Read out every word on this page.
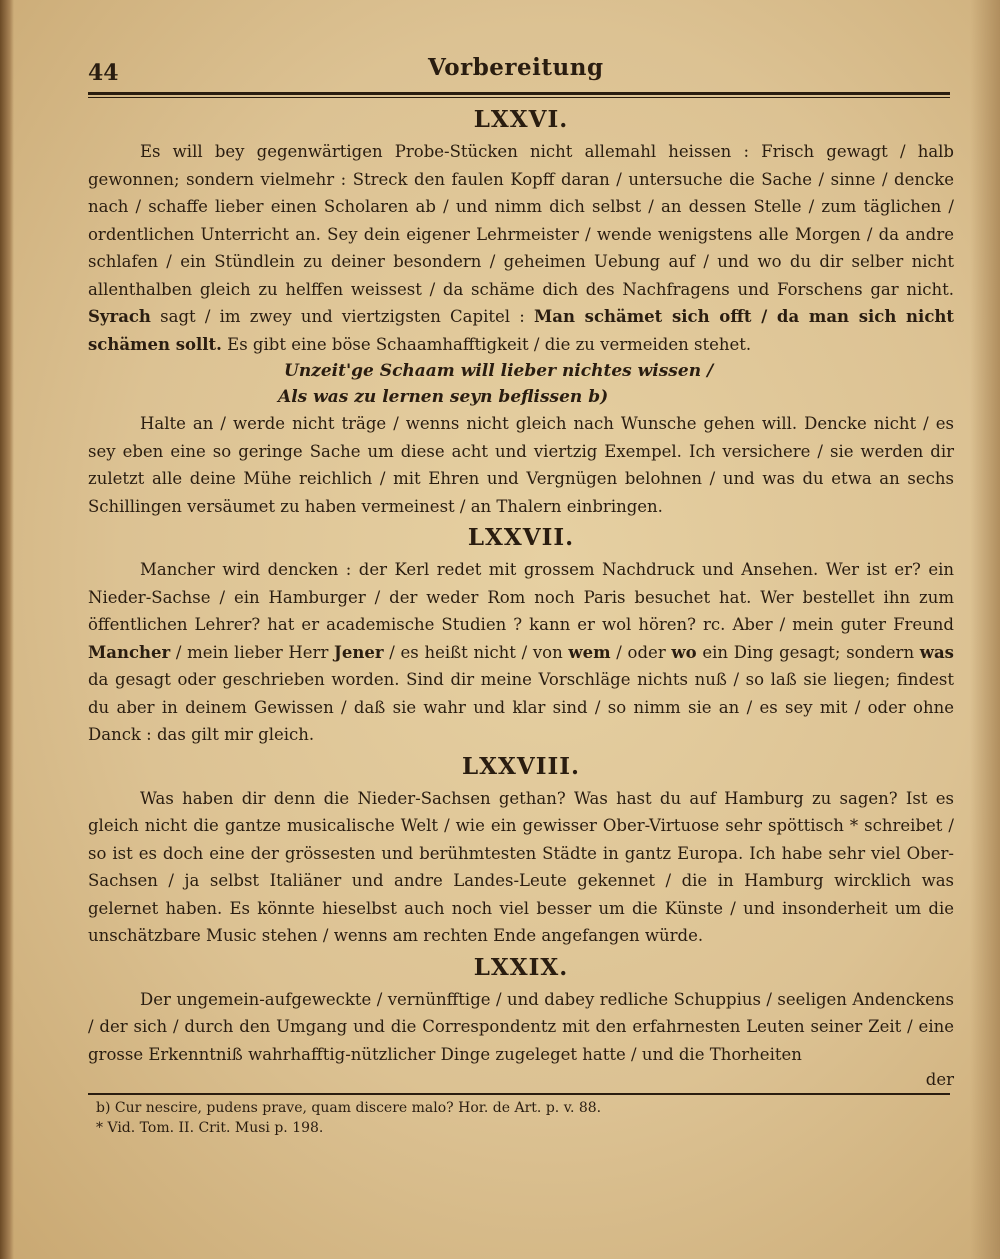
44	Vorbereitung
LXXVI.

Es will bey gegenwärtigen Probe-Stücken nicht allemahl heissen : Frisch gewagt / halb gewonnen; sondern vielmehr : Streck den faulen Kopff daran / untersuche die Sache / sinne / dencke nach / schaffe lieber einen Scholaren ab / und nimm dich selbst / an dessen Stelle / zum täglichen / ordentlichen Unterricht an. Sey dein eigener Lehrmeister / wende wenigstens alle Morgen / da andre schlafen / ein Stündlein zu deiner besondern / geheimen Uebung auf / und wo du dir selber nicht allenthalben gleich zu helffen weissest / da schäme dich des Nachfragens und Forschens gar nicht. Syrach sagt / im zwey und viertzigsten Capitel : Man schämet sich offt / da man sich nicht schämen sollt. Es gibt eine böse Schaamhafftigkeit / die zu vermeiden stehet.

Unzeit'ge Schaam will lieber nichtes wissen /
Als was zu lernen seyn beflissen b)

Halte an / werde nicht träge / wenns nicht gleich nach Wunsche gehen will. Dencke nicht / es sey eben eine so geringe Sache um diese acht und viertzig Exempel. Ich versichere / sie werden dir zuletzt alle deine Mühe reichlich / mit Ehren und Vergnügen belohnen / und was du etwa an sechs Schillingen versäumet zu haben vermeinest / an Thalern einbringen.

LXXVII.

Mancher wird dencken : der Kerl redet mit grossem Nachdruck und Ansehen. Wer ist er? ein Nieder-Sachse / ein Hamburger / der weder Rom noch Paris besuchet hat. Wer bestellet ihn zum öffentlichen Lehrer? hat er academische Studien ? kann er wol hören? rc. Aber / mein guter Freund Mancher / mein lieber Herr Jener / es heißt nicht / von wem / oder wo ein Ding gesagt; sondern was da gesagt oder geschrieben worden. Sind dir meine Vorschläge nichts nuß / so laß sie liegen; findest du aber in deinem Gewissen / daß sie wahr und klar sind / so nimm sie an / es sey mit / oder ohne Danck : das gilt mir gleich.

LXXVIII.

Was haben dir denn die Nieder-Sachsen gethan? Was hast du auf Hamburg zu sagen? Ist es gleich nicht die gantze musicalische Welt / wie ein gewisser Ober-Virtuose sehr spöttisch * schreibet / so ist es doch eine der grössesten und berühmtesten Städte in gantz Europa. Ich habe sehr viel Ober-Sachsen / ja selbst Italiäner und andre Landes-Leute gekennet / die in Hamburg wircklich was gelernet haben. Es könnte hieselbst auch noch viel besser um die Künste / und insonderheit um die unschätzbare Music stehen / wenns am rechten Ende angefangen würde.

LXXIX.

Der ungemein-aufgeweckte / vernünfftige / und dabey redliche Schuppius / seeligen Andenckens / der sich / durch den Umgang und die Correspondentz mit den erfahrnesten Leuten seiner Zeit / eine grosse Erkenntniß wahrhafftig-nützlicher Dinge zugeleget hatte / und die Thorheiten

der

b) Cur nescire, pudens prave, quam discere malo? Hor. de Art. p. v. 88.

* Vid. Tom. II. Crit. Musi p. 198.
